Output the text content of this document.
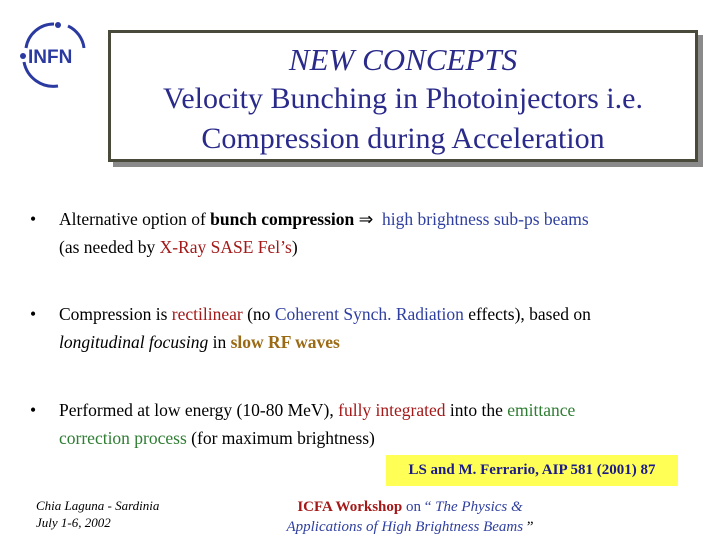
INFN	NEW CONCEPTS
Velocity Bunching in Photoinjectors i.e.
Compression during Acceleration
• Alternative option of bunch compression ⇒ high brightness sub-ps beams
(as needed by X-Ray SASE Fel’s)
• Compression is rectilinear (no Coherent Synch. Radiation effects), based on
longitudinal focusing in slow RF waves
• Performed at low energy (10-80 MeV), fully integrated into the emittance
correction process (for maximum brightness)
LS and M. Ferrario, AIP 581 (2001) 87
Chia Laguna - Sardinia
July 1-6, 2002
ICFA Workshop on “ The Physics &
Applications of High Brightness Beams ”
